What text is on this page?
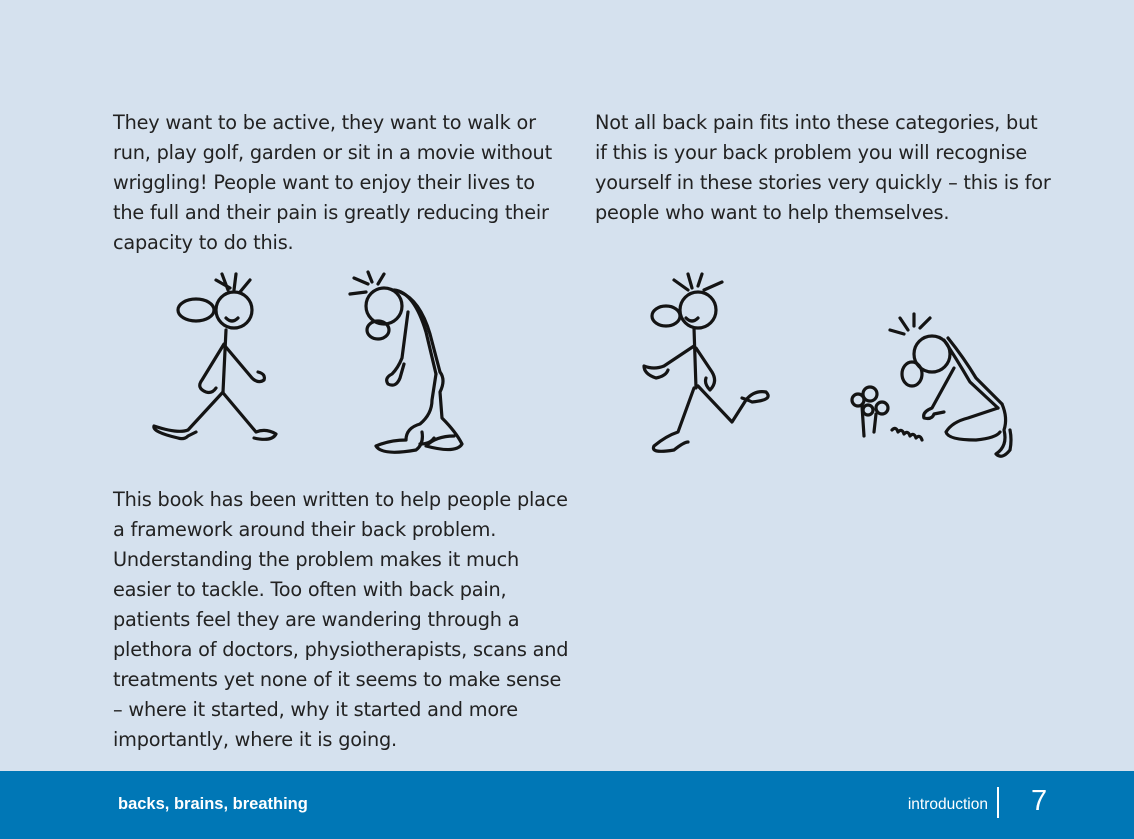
They want to be active, they want to walk or
run, play golf, garden or sit in a movie without
wriggling! People want to enjoy their lives to
the full and their pain is greatly reducing their
capacity to do this.

Not all back pain fits into these categories, but
if this is your back problem you will recognise
yourself in these stories very quickly – this is for
people who want to help themselves.

This book has been written to help people place
a framework around their back problem.
Understanding the problem makes it much
easier to tackle. Too often with back pain,
patients feel they are wandering through a
plethora of doctors, physiotherapists, scans and
treatments yet none of it seems to make sense
– where it started, why it started and more
importantly, where it is going.

backs, brains, breathing	introduction 7
